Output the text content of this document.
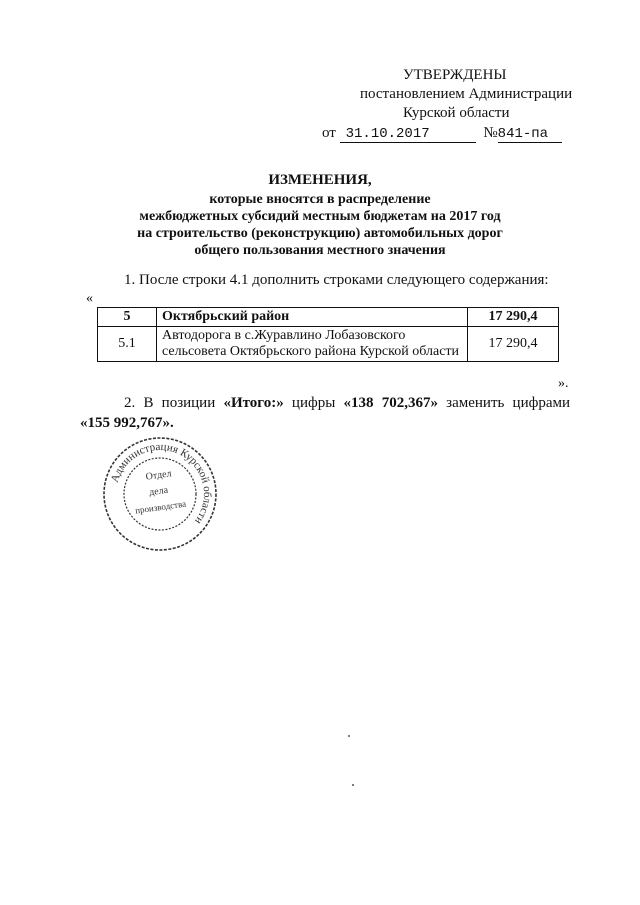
УТВЕРЖДЕНЫ
постановлением Администрации
Курской области
от 31.10.2017	№841-па
ИЗМЕНЕНИЯ,
которые вносятся в распределение
межбюджетных субсидий местным бюджетам на 2017 год
на строительство (реконструкцию) автомобильных дорог
общего пользования местного значения
1. После строки 4.1 дополнить строками следующего содержания:
«
5	Октябрьский район	17 290,4
5.1	Автодорога в с.Журавлино Лобазовского сельсовета Октябрьского района Курской области	17 290,4
».
2. В позиции «Итого:» цифры «138 702,367» заменить цифрами
«155 992,767».
Администрация Курской области
Отдел
дела
производства
